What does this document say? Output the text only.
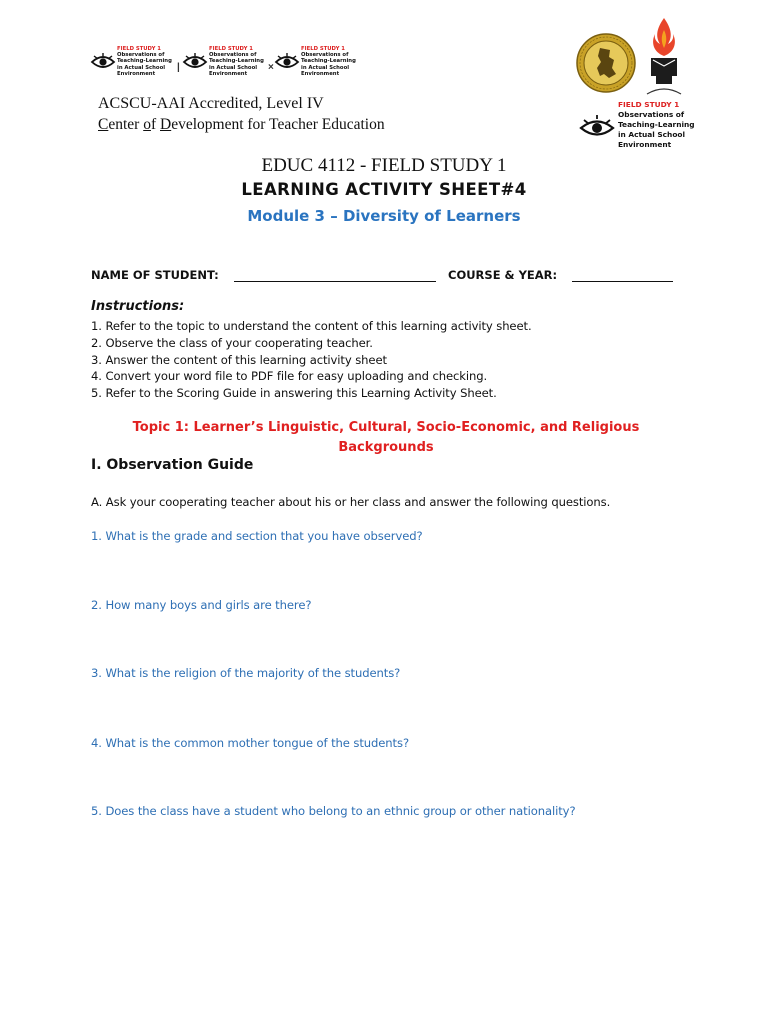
FIELD STUDY 1
Observations of
Teaching-Learning
in Actual School
Environment
|
FIELD STUDY 1
Observations of
Teaching-Learning
in Actual School
Environment
×
FIELD STUDY 1
Observations of
Teaching-Learning
in Actual School
Environment
ACSCU-AAI Accredited, Level IV
Center of Development for Teacher Education
FIELD STUDY 1
Observations of
Teaching-Learning
in Actual School
Environment
EDUC 4112 - FIELD STUDY 1
LEARNING ACTIVITY SHEET#4
Module 3 – Diversity of Learners
NAME OF STUDENT:	COURSE & YEAR:
Instructions:
1. Refer to the topic to understand the content of this learning activity sheet.
2. Observe the class of your cooperating teacher.
3. Answer the content of this learning activity sheet
4. Convert your word file to PDF file for easy uploading and checking.
5. Refer to the Scoring Guide in answering this Learning Activity Sheet.
Topic 1: Learner’s Linguistic, Cultural, Socio-Economic, and Religious
Backgrounds
I. Observation Guide
A. Ask your cooperating teacher about his or her class and answer the following questions.
1. What is the grade and section that you have observed?
2. How many boys and girls are there?
3. What is the religion of the majority of the students?
4. What is the common mother tongue of the students?
5. Does the class have a student who belong to an ethnic group or other nationality?
